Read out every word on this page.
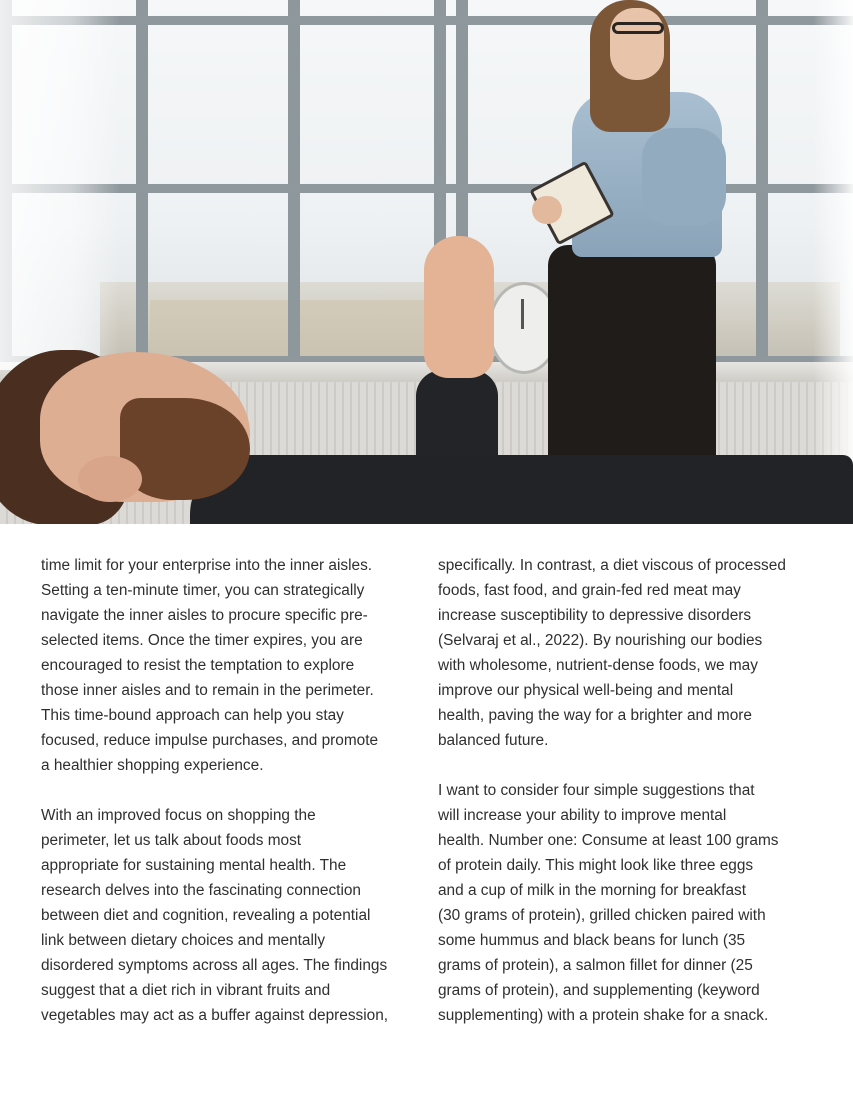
time limit for your enterprise into the inner aisles.
Setting a ten-minute timer, you can strategically
navigate the inner aisles to procure specific pre-
selected items. Once the timer expires, you are
encouraged to resist the temptation to explore
those inner aisles and to remain in the perimeter.
This time-bound approach can help you stay
focused, reduce impulse purchases, and promote
a healthier shopping experience.
With an improved focus on shopping the
perimeter, let us talk about foods most
appropriate for sustaining mental health. The
research delves into the fascinating connection
between diet and cognition, revealing a potential
link between dietary choices and mentally
disordered symptoms across all ages. The findings
suggest that a diet rich in vibrant fruits and
vegetables may act as a buffer against depression,
specifically. In contrast, a diet viscous of processed
foods, fast food, and grain-fed red meat may
increase susceptibility to depressive disorders
(Selvaraj et al., 2022). By nourishing our bodies
with wholesome, nutrient-dense foods, we may
improve our physical well-being and mental
health, paving the way for a brighter and more
balanced future.
I want to consider four simple suggestions that
will increase your ability to improve mental
health. Number one: Consume at least 100 grams
of protein daily. This might look like three eggs
and a cup of milk in the morning for breakfast
(30 grams of protein), grilled chicken paired with
some hummus and black beans for lunch (35
grams of protein), a salmon fillet for dinner (25
grams of protein), and supplementing (keyword
supplementing) with a protein shake for a snack.
